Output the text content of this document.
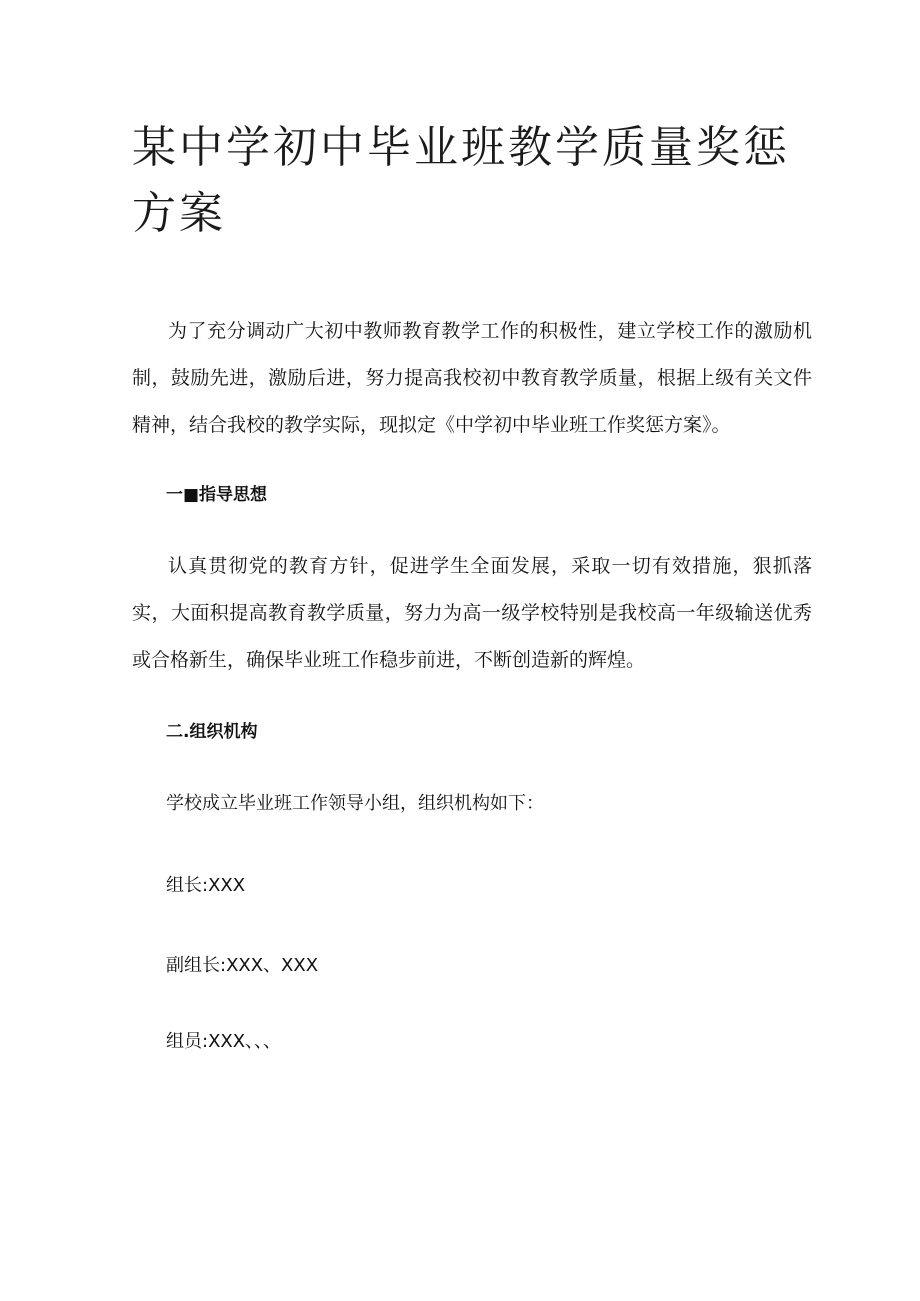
某中学初中毕业班教学质量奖惩方案

为了充分调动广大初中教师教育教学工作的积极性，建立学校工作的激励机制，鼓励先进，激励后进，努力提高我校初中教育教学质量，根据上级有关文件精神，结合我校的教学实际，现拟定《中学初中毕业班工作奖惩方案》。

一■指导思想

认真贯彻党的教育方针，促进学生全面发展，采取一切有效措施，狠抓落实，大面积提高教育教学质量，努力为高一级学校特别是我校高一年级输送优秀或合格新生，确保毕业班工作稳步前进，不断创造新的辉煌。

二.组织机构

学校成立毕业班工作领导小组，组织机构如下：

组长:XXX

副组长:XXX、XXX

组员:XXX、、、
